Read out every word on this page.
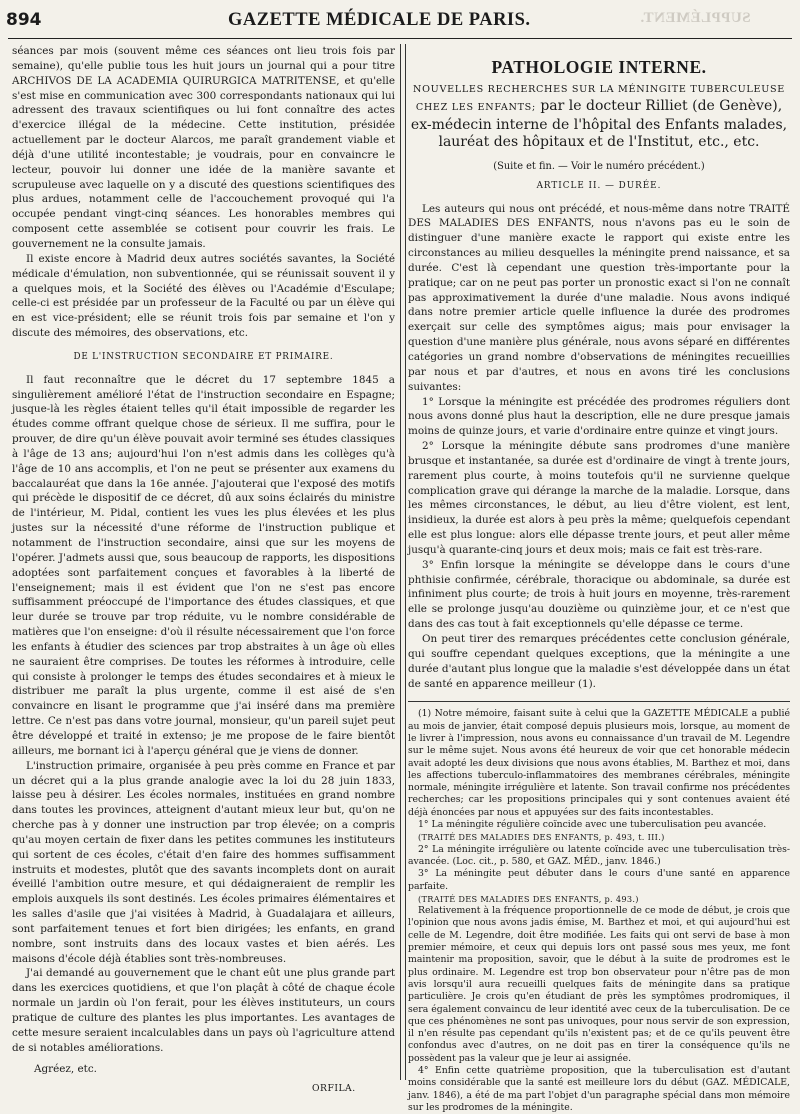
894	GAZETTE MÉDICALE DE PARIS.	SUPPLÉMENT.

séances par mois (souvent même ces séances ont lieu trois fois par semaine), qu'elle publie tous les huit jours un journal qui a pour titre ARCHIVOS DE LA ACADEMIA QUIRURGICA MATRITENSE, et qu'elle s'est mise en communication avec 300 correspondants nationaux qui lui adressent des travaux scientifiques ou lui font connaître des actes d'exercice illégal de la médecine. Cette institution, présidée actuellement par le docteur Alarcos, me paraît grandement viable et déjà d'une utilité incontestable; je voudrais, pour en convaincre le lecteur, pouvoir lui donner une idée de la manière savante et scrupuleuse avec laquelle on y a discuté des questions scientifiques des plus ardues, notamment celle de l'accouchement provoqué qui l'a occupée pendant vingt-cinq séances. Les honorables membres qui composent cette assemblée se cotisent pour couvrir les frais. Le gouvernement ne la consulte jamais.

Il existe encore à Madrid deux autres sociétés savantes, la Société médicale d'émulation, non subventionnée, qui se réunissait souvent il y a quelques mois, et la Société des élèves ou l'Académie d'Esculape; celle-ci est présidée par un professeur de la Faculté ou par un élève qui en est vice-président; elle se réunit trois fois par semaine et l'on y discute des mémoires, des observations, etc.

DE L'INSTRUCTION SECONDAIRE ET PRIMAIRE.

Il faut reconnaître que le décret du 17 septembre 1845 a singulièrement amélioré l'état de l'instruction secondaire en Espagne; jusque-là les règles étaient telles qu'il était impossible de regarder les études comme offrant quelque chose de sérieux. Il me suffira, pour le prouver, de dire qu'un élève pouvait avoir terminé ses études classiques à l'âge de 13 ans; aujourd'hui l'on n'est admis dans les collèges qu'à l'âge de 10 ans accomplis, et l'on ne peut se présenter aux examens du baccalauréat que dans la 16e année. J'ajouterai que l'exposé des motifs qui précède le dispositif de ce décret, dû aux soins éclairés du ministre de l'intérieur, M. Pidal, contient les vues les plus élevées et les plus justes sur la nécessité d'une réforme de l'instruction publique et notamment de l'instruction secondaire, ainsi que sur les moyens de l'opérer. J'admets aussi que, sous beaucoup de rapports, les dispositions adoptées sont parfaitement conçues et favorables à la liberté de l'enseignement; mais il est évident que l'on ne s'est pas encore suffisamment préoccupé de l'importance des études classiques, et que leur durée se trouve par trop réduite, vu le nombre considérable de matières que l'on enseigne: d'où il résulte nécessairement que l'on force les enfants à étudier des sciences par trop abstraites à un âge où elles ne sauraient être comprises. De toutes les réformes à introduire, celle qui consiste à prolonger le temps des études secondaires et à mieux le distribuer me paraît la plus urgente, comme il est aisé de s'en convaincre en lisant le programme que j'ai inséré dans ma première lettre. Ce n'est pas dans votre journal, monsieur, qu'un pareil sujet peut être développé et traité in extenso; je me propose de le faire bientôt ailleurs, me bornant ici à l'aperçu général que je viens de donner.

L'instruction primaire, organisée à peu près comme en France et par un décret qui a la plus grande analogie avec la loi du 28 juin 1833, laisse peu à désirer. Les écoles normales, instituées en grand nombre dans toutes les provinces, atteignent d'autant mieux leur but, qu'on ne cherche pas à y donner une instruction par trop élevée; on a compris qu'au moyen certain de fixer dans les petites communes les instituteurs qui sortent de ces écoles, c'était d'en faire des hommes suffisamment instruits et modestes, plutôt que des savants incomplets dont on aurait éveillé l'ambition outre mesure, et qui dédaigneraient de remplir les emplois auxquels ils sont destinés. Les écoles primaires élémentaires et les salles d'asile que j'ai visitées à Madrid, à Guadalajara et ailleurs, sont parfaitement tenues et fort bien dirigées; les enfants, en grand nombre, sont instruits dans des locaux vastes et bien aérés. Les maisons d'école déjà établies sont très-nombreuses.

J'ai demandé au gouvernement que le chant eût une plus grande part dans les exercices quotidiens, et que l'on plaçât à côté de chaque école normale un jardin où l'on ferait, pour les élèves instituteurs, un cours pratique de culture des plantes les plus importantes. Les avantages de cette mesure seraient incalculables dans un pays où l'agriculture attend de si notables améliorations.

Agréez, etc.
ORFILA.
PATHOLOGIE INTERNE.
NOUVELLES RECHERCHES SUR LA MÉNINGITE TUBERCULEUSE CHEZ LES ENFANTS; par le docteur Rilliet (de Genève), ex-médecin interne de l'hôpital des Enfants malades, lauréat des hôpitaux et de l'Institut, etc., etc.
(Suite et fin. — Voir le numéro précédent.)
ARTICLE II. — DURÉE.

Les auteurs qui nous ont précédé, et nous-même dans notre TRAITÉ DES MALADIES DES ENFANTS, nous n'avons pas eu le soin de distinguer d'une manière exacte le rapport qui existe entre les circonstances au milieu desquelles la méningite prend naissance, et sa durée. C'est là cependant une question très-importante pour la pratique; car on ne peut pas porter un pronostic exact si l'on ne connaît pas approximativement la durée d'une maladie. Nous avons indiqué dans notre premier article quelle influence la durée des prodromes exerçait sur celle des symptômes aigus; mais pour envisager la question d'une manière plus générale, nous avons séparé en différentes catégories un grand nombre d'observations de méningites recueillies par nous et par d'autres, et nous en avons tiré les conclusions suivantes:

1° Lorsque la méningite est précédée des prodromes réguliers dont nous avons donné plus haut la description, elle ne dure presque jamais moins de quinze jours, et varie d'ordinaire entre quinze et vingt jours.

2° Lorsque la méningite débute sans prodromes d'une manière brusque et instantanée, sa durée est d'ordinaire de vingt à trente jours, rarement plus courte, à moins toutefois qu'il ne survienne quelque complication grave qui dérange la marche de la maladie. Lorsque, dans les mêmes circonstances, le début, au lieu d'être violent, est lent, insidieux, la durée est alors à peu près la même; quelquefois cependant elle est plus longue: alors elle dépasse trente jours, et peut aller même jusqu'à quarante-cinq jours et deux mois; mais ce fait est très-rare.

3° Enfin lorsque la méningite se développe dans le cours d'une phthisie confirmée, cérébrale, thoracique ou abdominale, sa durée est infiniment plus courte; de trois à huit jours en moyenne, très-rarement elle se prolonge jusqu'au douzième ou quinzième jour, et ce n'est que dans des cas tout à fait exceptionnels qu'elle dépasse ce terme.

On peut tirer des remarques précédentes cette conclusion générale, qui souffre cependant quelques exceptions, que la méningite a une durée d'autant plus longue que la maladie s'est développée dans un état de santé en apparence meilleur (1).

(1) Notre mémoire, faisant suite à celui que la GAZETTE MÉDICALE a publié au mois de janvier, était composé depuis plusieurs mois, lorsque, au moment de le livrer à l'impression, nous avons eu connaissance d'un travail de M. Legendre sur le même sujet. Nous avons été heureux de voir que cet honorable médecin avait adopté les deux divisions que nous avons établies, M. Barthez et moi, dans les affections tuberculo-inflammatoires des membranes cérébrales, méningite normale, méningite irrégulière et latente. Son travail confirme nos précédentes recherches; car les propositions principales qui y sont contenues avaient été déjà énoncées par nous et appuyées sur des faits incontestables.

1° La méningite régulière coïncide avec une tuberculisation peu avancée.

(TRAITÉ DES MALADIES DES ENFANTS, p. 493, t. III.)

2° La méningite irrégulière ou latente coïncide avec une tuberculisation très-avancée. (Loc. cit., p. 580, et GAZ. MÉD., janv. 1846.)

3° La méningite peut débuter dans le cours d'une santé en apparence parfaite.

(TRAITÉ DES MALADIES DES ENFANTS, p. 493.)

Relativement à la fréquence proportionnelle de ce mode de début, je crois que l'opinion que nous avons jadis émise, M. Barthez et moi, et qui aujourd'hui est celle de M. Legendre, doit être modifiée. Les faits qui ont servi de base à mon premier mémoire, et ceux qui depuis lors ont passé sous mes yeux, me font maintenir ma proposition, savoir, que le début à la suite de prodromes est le plus ordinaire. M. Legendre est trop bon observateur pour n'être pas de mon avis lorsqu'il aura recueilli quelques faits de méningite dans sa pratique particulière. Je crois qu'en étudiant de près les symptômes prodromiques, il sera également convaincu de leur identité avec ceux de la tuberculisation. De ce que ces phénomènes ne sont pas univoques, pour nous servir de son expression, il n'en résulte pas cependant qu'ils n'existent pas; et de ce qu'ils peuvent être confondus avec d'autres, on ne doit pas en tirer la conséquence qu'ils ne possèdent pas la valeur que je leur ai assignée.

4° Enfin cette quatrième proposition, que la tuberculisation est d'autant moins considérable que la santé est meilleure lors du début (GAZ. MÉDICALE, janv. 1846), a été de ma part l'objet d'un paragraphe spécial dans mon mémoire sur les prodromes de la méningite.
